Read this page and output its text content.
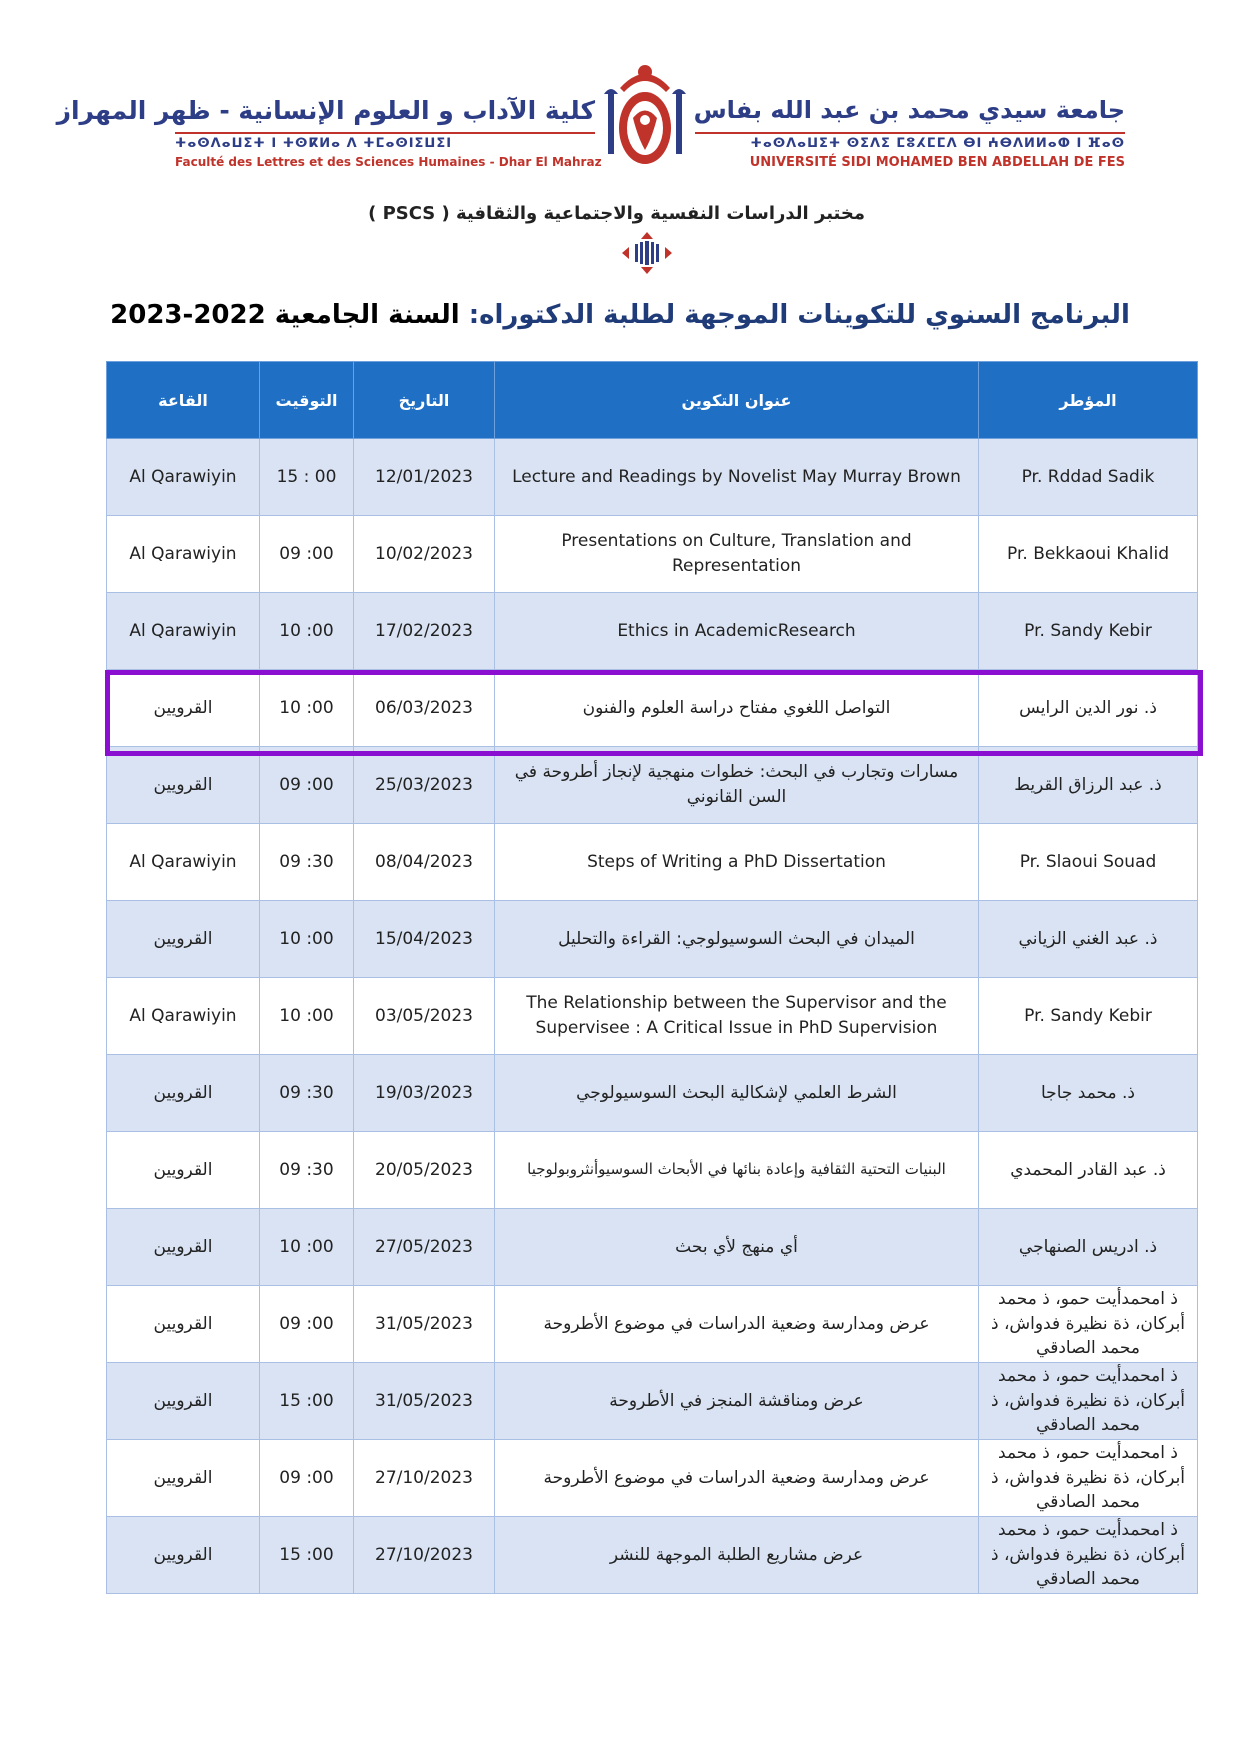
كلية الآداب و العلوم الإنسانية - ظهر المهراز
ⵜⴰⵙⴷⴰⵡⵉⵜ ⵏ ⵜⵙⴽⵍⴰ ⴷ ⵜⵎⴰⵙⵏⵉⵡⵉⵏ
Faculté des Lettres et des Sciences Humaines - Dhar El Mahraz
جامعة سيدي محمد بن عبد الله بفاس
ⵜⴰⵙⴷⴰⵡⵉⵜ ⵙⵉⴷⵉ ⵎⵓⵃⵎⵎⴷ ⴱⵏ ⵄⴱⴷⵍⵍⴰⵀ ⵏ ⴼⴰⵙ
UNIVERSITÉ SIDI MOHAMED BEN ABDELLAH DE FES
مختبر الدراسات النفسية والاجتماعية والثقافية ( PSCS )
البرنامج السنوي للتكوينات الموجهة لطلبة الدكتوراه: السنة الجامعية 2022-2023
القاعة	التوقيت	التاريخ	عنوان التكوين	المؤطر
Al Qarawiyin	15 : 00	12/01/2023	Lecture and Readings by Novelist May Murray Brown	Pr. Rddad Sadik
Al Qarawiyin	09 :00	10/02/2023	Presentations on Culture, Translation and Representation	Pr. Bekkaoui Khalid
Al Qarawiyin	10 :00	17/02/2023	Ethics in AcademicResearch	Pr. Sandy Kebir
القرويين	10 :00	06/03/2023	التواصل اللغوي مفتاح دراسة العلوم والفنون	ذ. نور الدين الرايس
القرويين	09 :00	25/03/2023	مسارات وتجارب في البحث: خطوات منهجية لإنجاز أطروحة في السن القانوني	ذ. عبد الرزاق القريط
Al Qarawiyin	09 :30	08/04/2023	Steps of Writing a PhD Dissertation	Pr. Slaoui Souad
القرويين	10 :00	15/04/2023	الميدان في البحث السوسيولوجي: القراءة والتحليل	ذ. عبد الغني الزياني
Al Qarawiyin	10 :00	03/05/2023	The Relationship between the Supervisor and the Supervisee : A Critical Issue in PhD Supervision	Pr. Sandy Kebir
القرويين	09 :30	19/03/2023	الشرط العلمي لإشكالية البحث السوسيولوجي	ذ. محمد جاجا
القرويين	09 :30	20/05/2023	البنيات التحتية الثقافية وإعادة بنائها في الأبحاث السوسيوأنثروبولوجيا	ذ. عبد القادر المحمدي
القرويين	10 :00	27/05/2023	أي منهج لأي بحث	ذ. ادريس الصنهاجي
القرويين	09 :00	31/05/2023	عرض ومدارسة وضعية الدراسات في موضوع الأطروحة	ذ امحمدأيت حمو، ذ محمد أبركان، ذة نظيرة فدواش، ذ محمد الصادقي
القرويين	15 :00	31/05/2023	عرض ومناقشة المنجز في الأطروحة	ذ امحمدأيت حمو، ذ محمد أبركان، ذة نظيرة فدواش، ذ محمد الصادقي
القرويين	09 :00	27/10/2023	عرض ومدارسة وضعية الدراسات في موضوع الأطروحة	ذ امحمدأيت حمو، ذ محمد أبركان، ذة نظيرة فدواش، ذ محمد الصادقي
القرويين	15 :00	27/10/2023	عرض مشاريع الطلبة الموجهة للنشر	ذ امحمدأيت حمو، ذ محمد أبركان، ذة نظيرة فدواش، ذ محمد الصادقي
